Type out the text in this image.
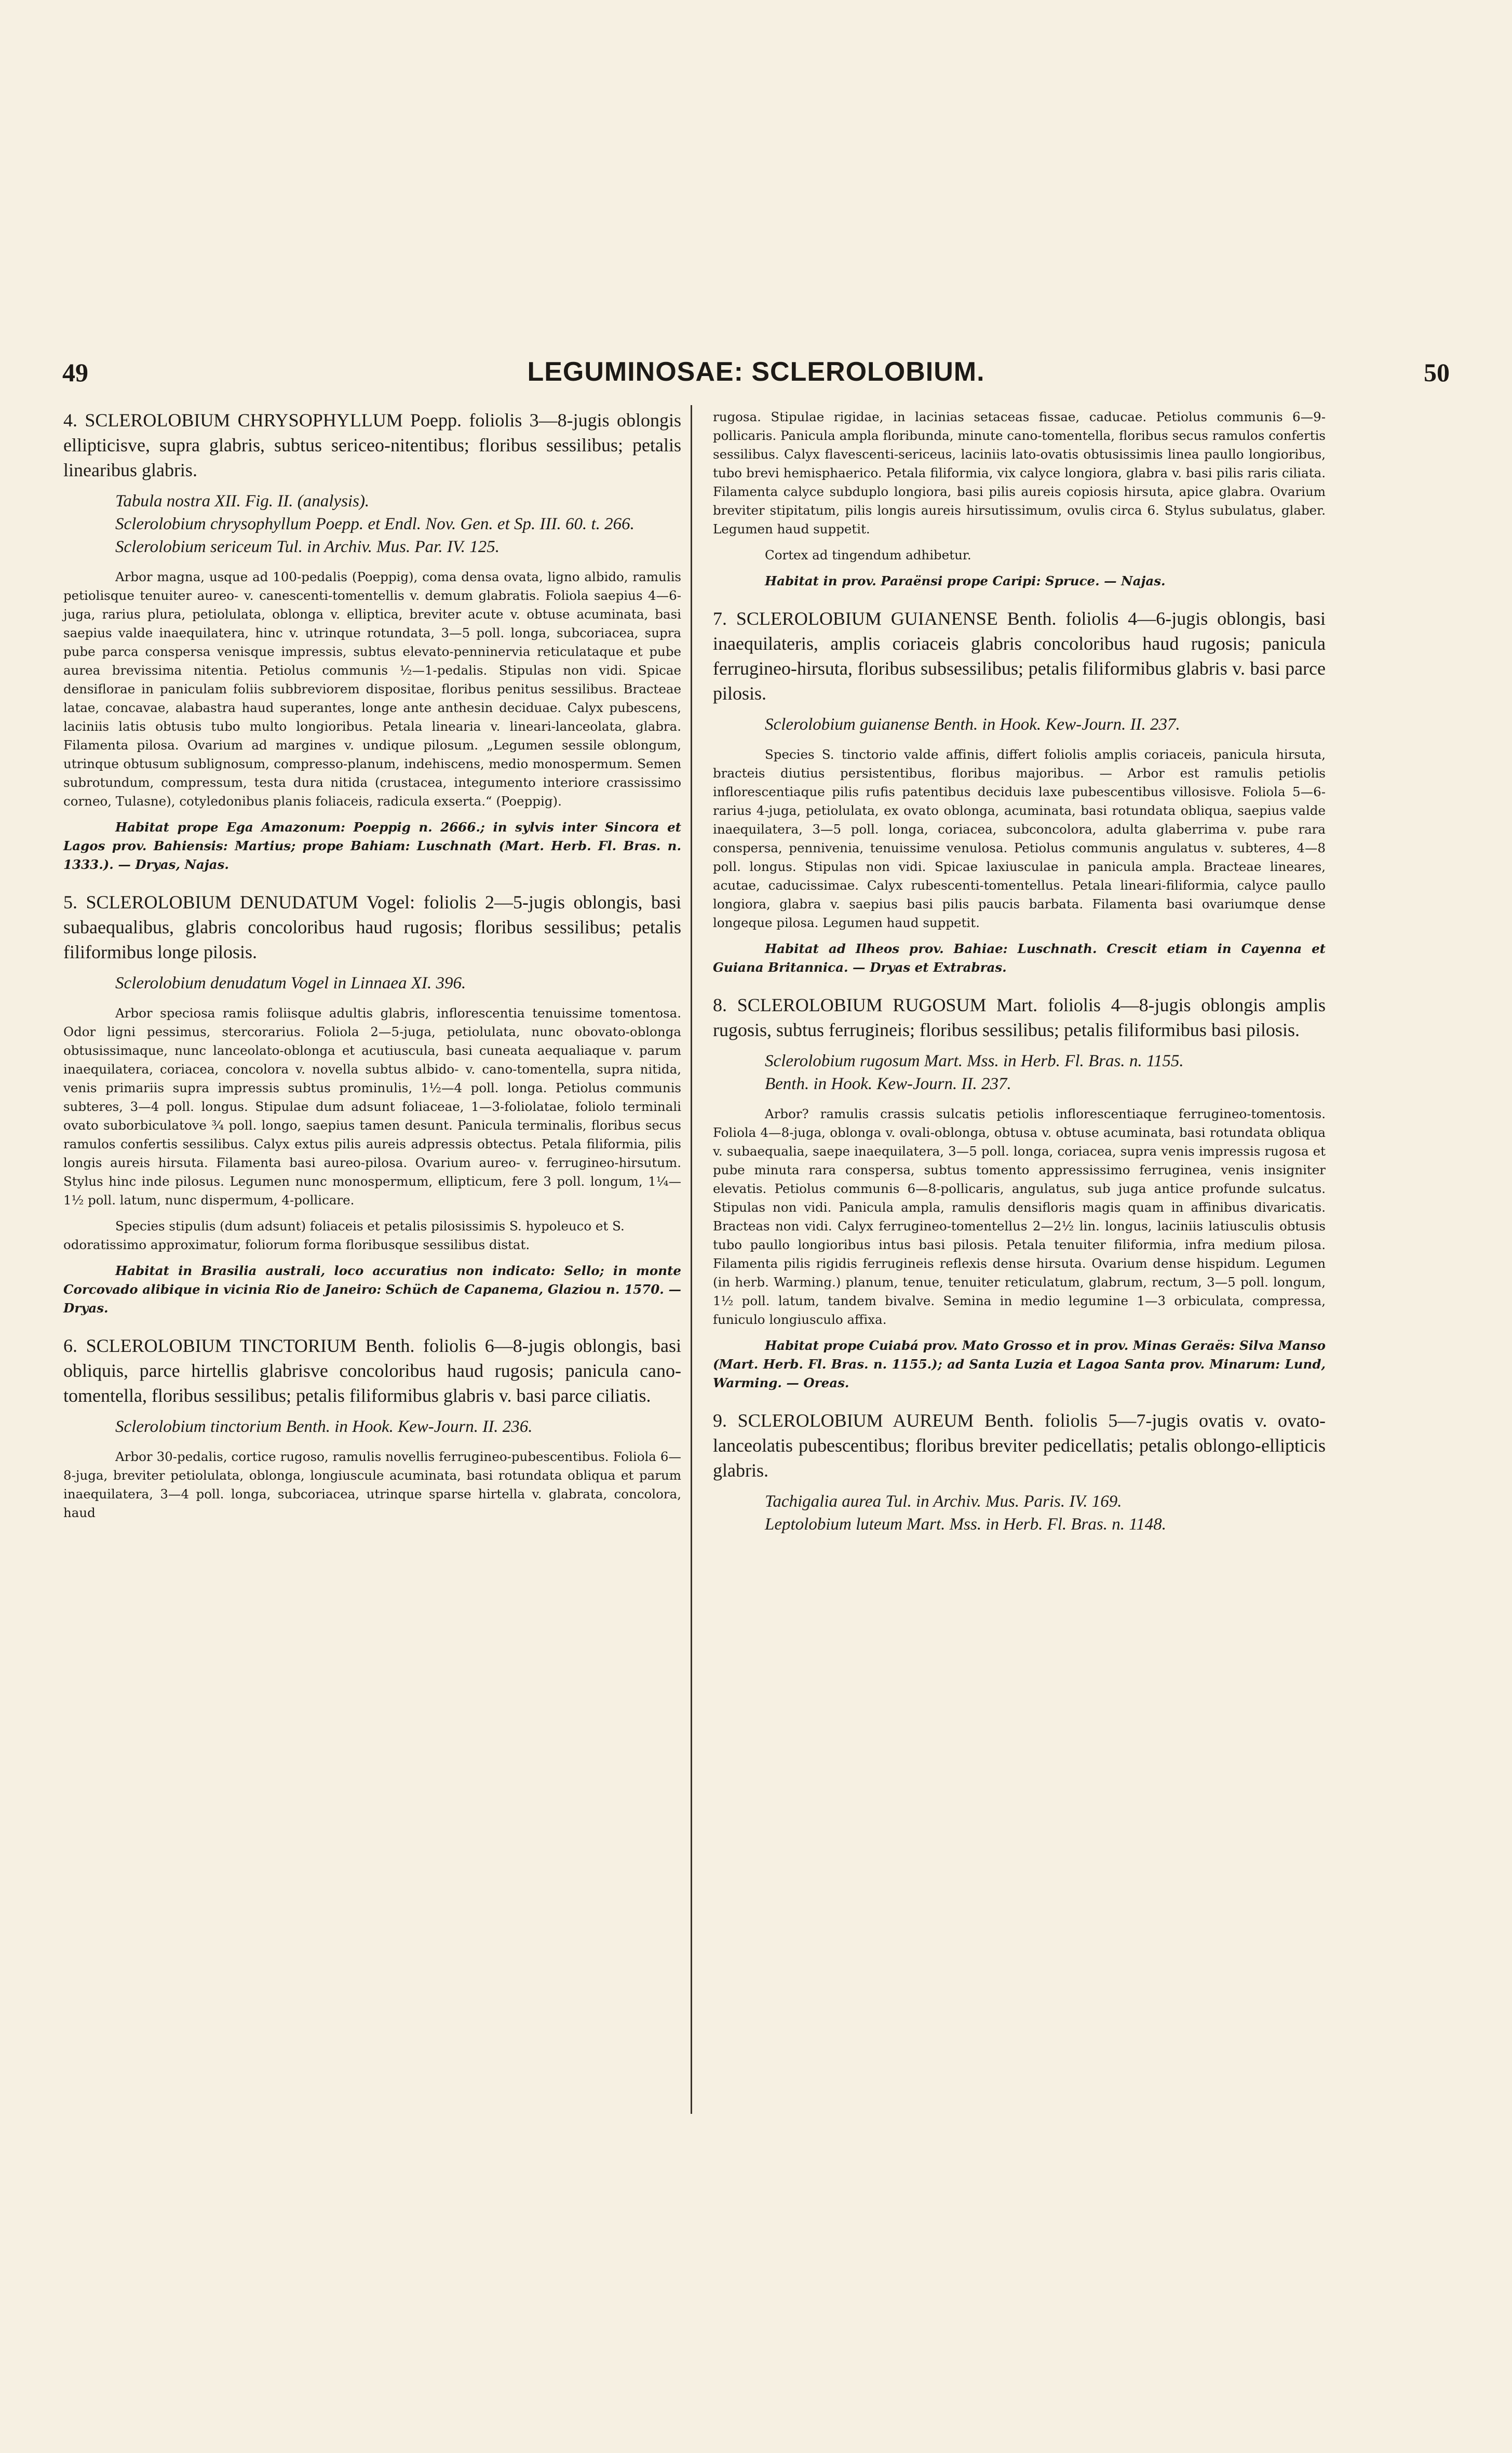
49	LEGUMINOSAE: SCLEROLOBIUM.	50

4. SCLEROLOBIUM CHRYSOPHYLLUM Poepp. foliolis 3—8-jugis oblongis ellipticisve, supra glabris, subtus sericeo-nitentibus; floribus sessilibus; petalis linearibus glabris.

Tabula nostra XII. Fig. II. (analysis).

Sclerolobium chrysophyllum Poepp. et Endl. Nov. Gen. et Sp. III. 60. t. 266.

Sclerolobium sericeum Tul. in Archiv. Mus. Par. IV. 125.

Arbor magna, usque ad 100-pedalis (Poeppig), coma densa ovata, ligno albido, ramulis petiolisque tenuiter aureo- v. canescenti-tomentellis v. demum glabratis. Foliola saepius 4—6-juga, rarius plura, petiolulata, oblonga v. elliptica, breviter acute v. obtuse acuminata, basi saepius valde inaequilatera, hinc v. utrinque rotundata, 3—5 poll. longa, subcoriacea, supra pube parca conspersa venisque impressis, subtus elevato-penninervia reticulataque et pube aurea brevissima nitentia. Petiolus communis ½—1-pedalis. Stipulas non vidi. Spicae densiflorae in paniculam foliis subbreviorem dispositae, floribus penitus sessilibus. Bracteae latae, concavae, alabastra haud superantes, longe ante anthesin deciduae. Calyx pubescens, laciniis latis obtusis tubo multo longioribus. Petala linearia v. lineari-lanceolata, glabra. Filamenta pilosa. Ovarium ad margines v. undique pilosum. „Legumen sessile oblongum, utrinque obtusum sublignosum, compresso-planum, indehiscens, medio monospermum. Semen subrotundum, compressum, testa dura nitida (crustacea, integumento interiore crassissimo corneo, Tulasne), cotyledonibus planis foliaceis, radicula exserta.“ (Poeppig).

Habitat prope Ega Amazonum: Poeppig n. 2666.; in sylvis inter Sincora et Lagos prov. Bahiensis: Martius; prope Bahiam: Luschnath (Mart. Herb. Fl. Bras. n. 1333.). — Dryas, Najas.

5. SCLEROLOBIUM DENUDATUM Vogel: foliolis 2—5-jugis oblongis, basi subaequalibus, glabris concoloribus haud rugosis; floribus sessilibus; petalis filiformibus longe pilosis.

Sclerolobium denudatum Vogel in Linnaea XI. 396.

Arbor speciosa ramis foliisque adultis glabris, inflorescentia tenuissime tomentosa. Odor ligni pessimus, stercorarius. Foliola 2—5-juga, petiolulata, nunc obovato-oblonga obtusissimaque, nunc lanceolato-oblonga et acutiuscula, basi cuneata aequaliaque v. parum inaequilatera, coriacea, concolora v. novella subtus albido- v. cano-tomentella, supra nitida, venis primariis supra impressis subtus prominulis, 1½—4 poll. longa. Petiolus communis subteres, 3—4 poll. longus. Stipulae dum adsunt foliaceae, 1—3-foliolatae, foliolo terminali ovato suborbiculatove ¾ poll. longo, saepius tamen desunt. Panicula terminalis, floribus secus ramulos confertis sessilibus. Calyx extus pilis aureis adpressis obtectus. Petala filiformia, pilis longis aureis hirsuta. Filamenta basi aureo-pilosa. Ovarium aureo- v. ferrugineo-hirsutum. Stylus hinc inde pilosus. Legumen nunc monospermum, ellipticum, fere 3 poll. longum, 1¼—1½ poll. latum, nunc dispermum, 4-pollicare.

Species stipulis (dum adsunt) foliaceis et petalis pilosissimis S. hypoleuco et S. odoratissimo approximatur, foliorum forma floribusque sessilibus distat.

Habitat in Brasilia australi, loco accuratius non indicato: Sello; in monte Corcovado alibique in vicinia Rio de Janeiro: Schüch de Capanema, Glaziou n. 1570. — Dryas.

6. SCLEROLOBIUM TINCTORIUM Benth. foliolis 6—8-jugis oblongis, basi obliquis, parce hirtellis glabrisve concoloribus haud rugosis; panicula cano-tomentella, floribus sessilibus; petalis filiformibus glabris v. basi parce ciliatis.

Sclerolobium tinctorium Benth. in Hook. Kew-Journ. II. 236.

Arbor 30-pedalis, cortice rugoso, ramulis novellis ferrugineo-pubescentibus. Foliola 6—8-juga, breviter petiolulata, oblonga, longiuscule acuminata, basi rotundata obliqua et parum inaequilatera, 3—4 poll. longa, subcoriacea, utrinque sparse hirtella v. glabrata, concolora, haud

rugosa. Stipulae rigidae, in lacinias setaceas fissae, caducae. Petiolus communis 6—9-pollicaris. Panicula ampla floribunda, minute cano-tomentella, floribus secus ramulos confertis sessilibus. Calyx flavescenti-sericeus, laciniis lato-ovatis obtusissimis linea paullo longioribus, tubo brevi hemisphaerico. Petala filiformia, vix calyce longiora, glabra v. basi pilis raris ciliata. Filamenta calyce subduplo longiora, basi pilis aureis copiosis hirsuta, apice glabra. Ovarium breviter stipitatum, pilis longis aureis hirsutissimum, ovulis circa 6. Stylus subulatus, glaber. Legumen haud suppetit.

Cortex ad tingendum adhibetur.

Habitat in prov. Paraënsi prope Caripi: Spruce. — Najas.

7. SCLEROLOBIUM GUIANENSE Benth. foliolis 4—6-jugis oblongis, basi inaequilateris, amplis coriaceis glabris concoloribus haud rugosis; panicula ferrugineo-hirsuta, floribus subsessilibus; petalis filiformibus glabris v. basi parce pilosis.

Sclerolobium guianense Benth. in Hook. Kew-Journ. II. 237.

Species S. tinctorio valde affinis, differt foliolis amplis coriaceis, panicula hirsuta, bracteis diutius persistentibus, floribus majoribus. — Arbor est ramulis petiolis inflorescentiaque pilis rufis patentibus deciduis laxe pubescentibus villosisve. Foliola 5—6- rarius 4-juga, petiolulata, ex ovato oblonga, acuminata, basi rotundata obliqua, saepius valde inaequilatera, 3—5 poll. longa, coriacea, subconcolora, adulta glaberrima v. pube rara conspersa, pennivenia, tenuissime venulosa. Petiolus communis angulatus v. subteres, 4—8 poll. longus. Stipulas non vidi. Spicae laxiusculae in panicula ampla. Bracteae lineares, acutae, caducissimae. Calyx rubescenti-tomentellus. Petala lineari-filiformia, calyce paullo longiora, glabra v. saepius basi pilis paucis barbata. Filamenta basi ovariumque dense longeque pilosa. Legumen haud suppetit.

Habitat ad Ilheos prov. Bahiae: Luschnath. Crescit etiam in Cayenna et Guiana Britannica. — Dryas et Extrabras.

8. SCLEROLOBIUM RUGOSUM Mart. foliolis 4—8-jugis oblongis amplis rugosis, subtus ferrugineis; floribus sessilibus; petalis filiformibus basi pilosis.

Sclerolobium rugosum Mart. Mss. in Herb. Fl. Bras. n. 1155.

Benth. in Hook. Kew-Journ. II. 237.

Arbor? ramulis crassis sulcatis petiolis inflorescentiaque ferrugineo-tomentosis. Foliola 4—8-juga, oblonga v. ovali-oblonga, obtusa v. obtuse acuminata, basi rotundata obliqua v. subaequalia, saepe inaequilatera, 3—5 poll. longa, coriacea, supra venis impressis rugosa et pube minuta rara conspersa, subtus tomento appressissimo ferruginea, venis insigniter elevatis. Petiolus communis 6—8-pollicaris, angulatus, sub juga antice profunde sulcatus. Stipulas non vidi. Panicula ampla, ramulis densifloris magis quam in affinibus divaricatis. Bracteas non vidi. Calyx ferrugineo-tomentellus 2—2½ lin. longus, laciniis latiusculis obtusis tubo paullo longioribus intus basi pilosis. Petala tenuiter filiformia, infra medium pilosa. Filamenta pilis rigidis ferrugineis reflexis dense hirsuta. Ovarium dense hispidum. Legumen (in herb. Warming.) planum, tenue, tenuiter reticulatum, glabrum, rectum, 3—5 poll. longum, 1½ poll. latum, tandem bivalve. Semina in medio legumine 1—3 orbiculata, compressa, funiculo longiusculo affixa.

Habitat prope Cuiabá prov. Mato Grosso et in prov. Minas Geraës: Silva Manso (Mart. Herb. Fl. Bras. n. 1155.); ad Santa Luzia et Lagoa Santa prov. Minarum: Lund, Warming. — Oreas.

9. SCLEROLOBIUM AUREUM Benth. foliolis 5—7-jugis ovatis v. ovato-lanceolatis pubescentibus; floribus breviter pedicellatis; petalis oblongo-ellipticis glabris.

Tachigalia aurea Tul. in Archiv. Mus. Paris. IV. 169.

Leptolobium luteum Mart. Mss. in Herb. Fl. Bras. n. 1148.
